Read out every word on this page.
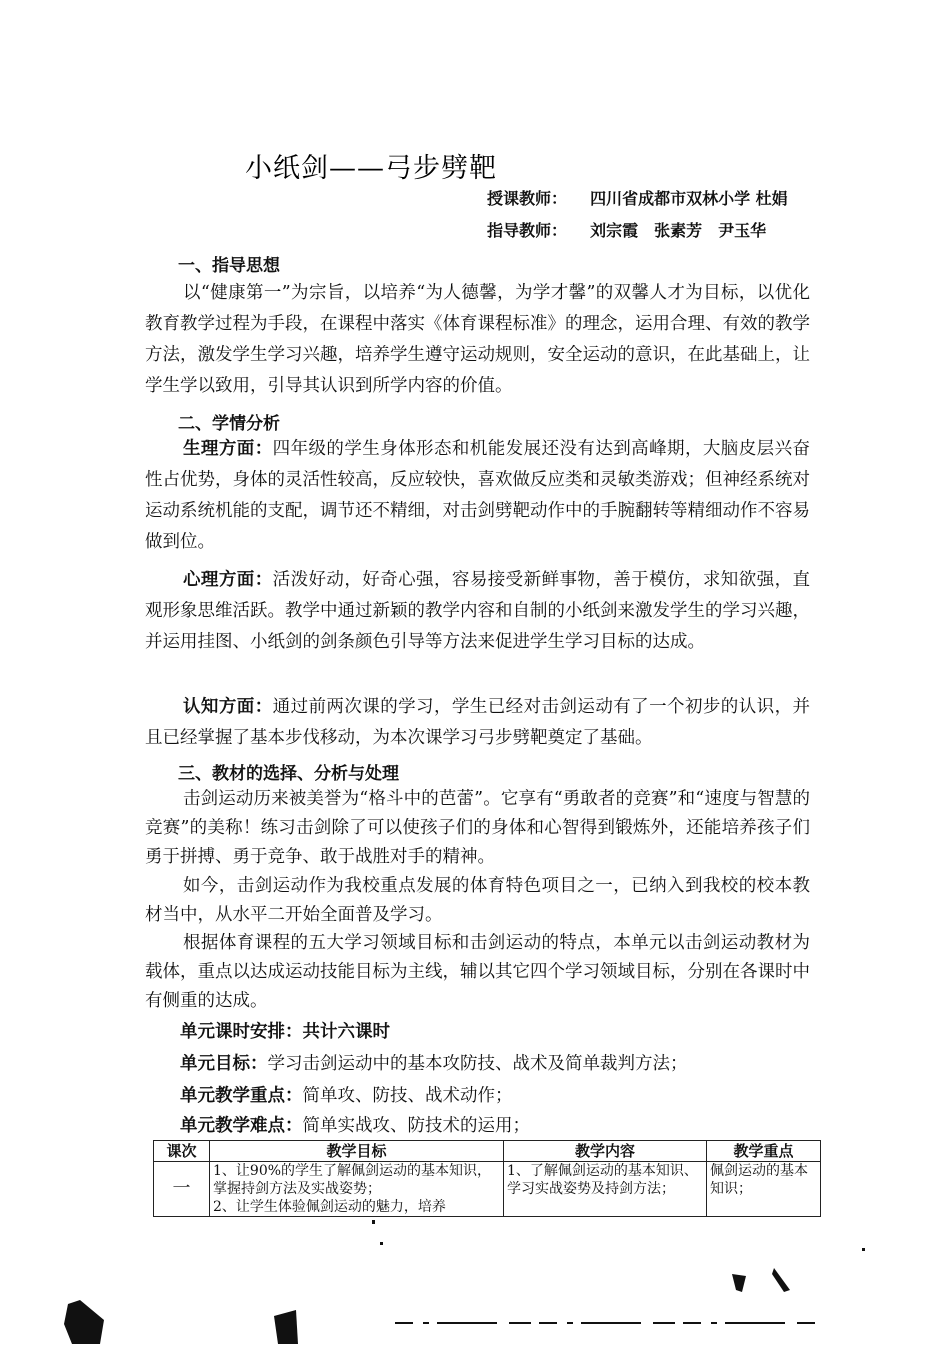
小纸剑——弓步劈靶
授课教师： 四川省成都市双林小学 杜娟
指导教师： 刘宗霞　张素芳　尹玉华
一、指导思想

以“健康第一”为宗旨，以培养“为人德馨，为学才馨”的双馨人才为目标，以优化教育教学过程为手段，在课程中落实《体育课程标准》的理念，运用合理、有效的教学方法，激发学生学习兴趣，培养学生遵守运动规则，安全运动的意识，在此基础上，让学生学以致用，引导其认识到所学内容的价值。

二、学情分析

生理方面：四年级的学生身体形态和机能发展还没有达到高峰期，大脑皮层兴奋性占优势，身体的灵活性较高，反应较快，喜欢做反应类和灵敏类游戏；但神经系统对运动系统机能的支配，调节还不精细，对击剑劈靶动作中的手腕翻转等精细动作不容易做到位。

心理方面：活泼好动，好奇心强，容易接受新鲜事物，善于模仿，求知欲强，直观形象思维活跃。教学中通过新颖的教学内容和自制的小纸剑来激发学生的学习兴趣，并运用挂图、小纸剑的剑条颜色引导等方法来促进学生学习目标的达成。

认知方面：通过前两次课的学习，学生已经对击剑运动有了一个初步的认识，并且已经掌握了基本步伐移动，为本次课学习弓步劈靶奠定了基础。

三、教材的选择、分析与处理

击剑运动历来被美誉为“格斗中的芭蕾”。它享有“勇敢者的竞赛”和“速度与智慧的竞赛”的美称！练习击剑除了可以使孩子们的身体和心智得到锻炼外，还能培养孩子们勇于拼搏、勇于竞争、敢于战胜对手的精神。

如今，击剑运动作为我校重点发展的体育特色项目之一，已纳入到我校的校本教材当中，从水平二开始全面普及学习。

根据体育课程的五大学习领域目标和击剑运动的特点，本单元以击剑运动教材为载体，重点以达成运动技能目标为主线，辅以其它四个学习领域目标，分别在各课时中有侧重的达成。

单元课时安排：共计六课时
单元目标：学习击剑运动中的基本攻防技、战术及简单裁判方法；
单元教学重点：简单攻、防技、战术动作；
单元教学难点：简单实战攻、防技术的运用；
课次	教学目标	教学内容	教学重点
一	1、让90%的学生了解佩剑运动的基本知识，掌握持剑方法及实战姿势；
2、让学生体验佩剑运动的魅力，培养	1、了解佩剑运动的基本知识、学习实战姿势及持剑方法；	佩剑运动的基本知识；
